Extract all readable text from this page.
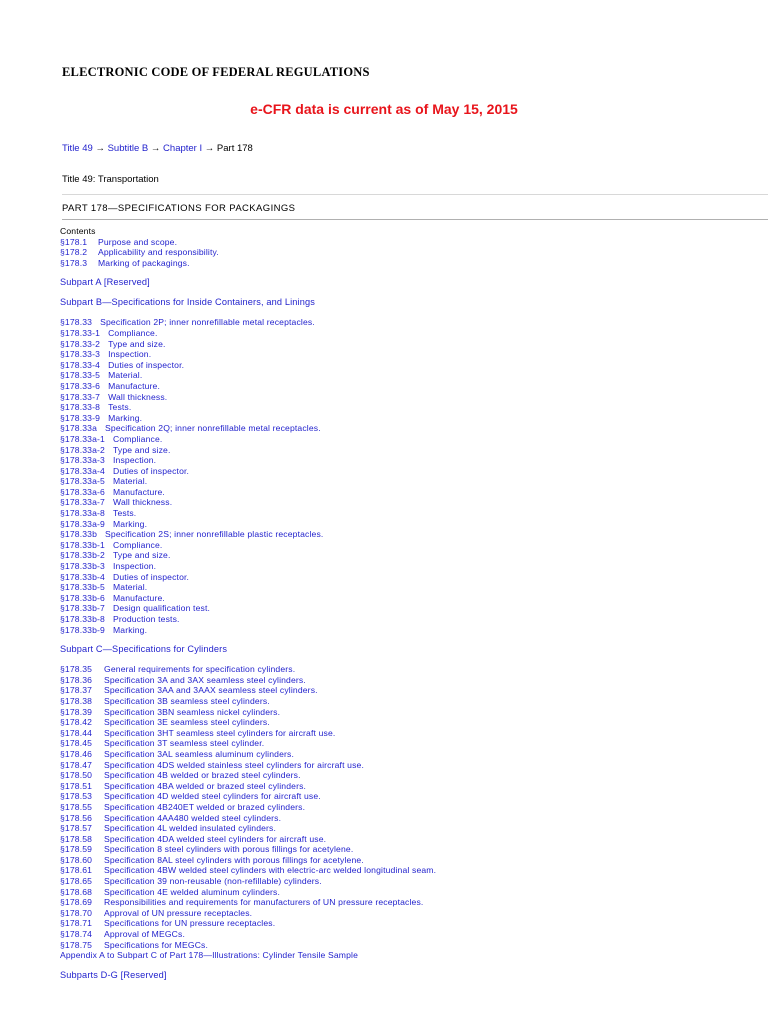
ELECTRONIC CODE OF FEDERAL REGULATIONS
e-CFR data is current as of May 15, 2015
Title 49 → Subtitle B → Chapter I → Part 178
Title 49: Transportation
PART 178—SPECIFICATIONS FOR PACKAGINGS
Contents
§178.1	Purpose and scope.
§178.2	Applicability and responsibility.
§178.3	Marking of packagings.
Subpart A [Reserved]
Subpart B—Specifications for Inside Containers, and Linings
§178.33 Specification 2P; inner nonrefillable metal receptacles.
§178.33-1 Compliance.
§178.33-2 Type and size.
§178.33-3 Inspection.
§178.33-4 Duties of inspector.
§178.33-5 Material.
§178.33-6 Manufacture.
§178.33-7 Wall thickness.
§178.33-8 Tests.
§178.33-9 Marking.
§178.33a Specification 2Q; inner nonrefillable metal receptacles.
§178.33a-1 Compliance.
§178.33a-2 Type and size.
§178.33a-3 Inspection.
§178.33a-4 Duties of inspector.
§178.33a-5 Material.
§178.33a-6 Manufacture.
§178.33a-7 Wall thickness.
§178.33a-8 Tests.
§178.33a-9 Marking.
§178.33b Specification 2S; inner nonrefillable plastic receptacles.
§178.33b-1 Compliance.
§178.33b-2 Type and size.
§178.33b-3 Inspection.
§178.33b-4 Duties of inspector.
§178.33b-5 Material.
§178.33b-6 Manufacture.
§178.33b-7 Design qualification test.
§178.33b-8 Production tests.
§178.33b-9 Marking.
Subpart C—Specifications for Cylinders
§178.35	General requirements for specification cylinders.
§178.36	Specification 3A and 3AX seamless steel cylinders.
§178.37	Specification 3AA and 3AAX seamless steel cylinders.
§178.38	Specification 3B seamless steel cylinders.
§178.39	Specification 3BN seamless nickel cylinders.
§178.42	Specification 3E seamless steel cylinders.
§178.44	Specification 3HT seamless steel cylinders for aircraft use.
§178.45	Specification 3T seamless steel cylinder.
§178.46	Specification 3AL seamless aluminum cylinders.
§178.47	Specification 4DS welded stainless steel cylinders for aircraft use.
§178.50	Specification 4B welded or brazed steel cylinders.
§178.51	Specification 4BA welded or brazed steel cylinders.
§178.53	Specification 4D welded steel cylinders for aircraft use.
§178.55	Specification 4B240ET welded or brazed cylinders.
§178.56	Specification 4AA480 welded steel cylinders.
§178.57	Specification 4L welded insulated cylinders.
§178.58	Specification 4DA welded steel cylinders for aircraft use.
§178.59	Specification 8 steel cylinders with porous fillings for acetylene.
§178.60	Specification 8AL steel cylinders with porous fillings for acetylene.
§178.61	Specification 4BW welded steel cylinders with electric-arc welded longitudinal seam.
§178.65	Specification 39 non-reusable (non-refillable) cylinders.
§178.68	Specification 4E welded aluminum cylinders.
§178.69	Responsibilities and requirements for manufacturers of UN pressure receptacles.
§178.70	Approval of UN pressure receptacles.
§178.71	Specifications for UN pressure receptacles.
§178.74	Approval of MEGCs.
§178.75	Specifications for MEGCs.
Appendix A to Subpart C of Part 178—Illustrations: Cylinder Tensile Sample
Subparts D-G [Reserved]
